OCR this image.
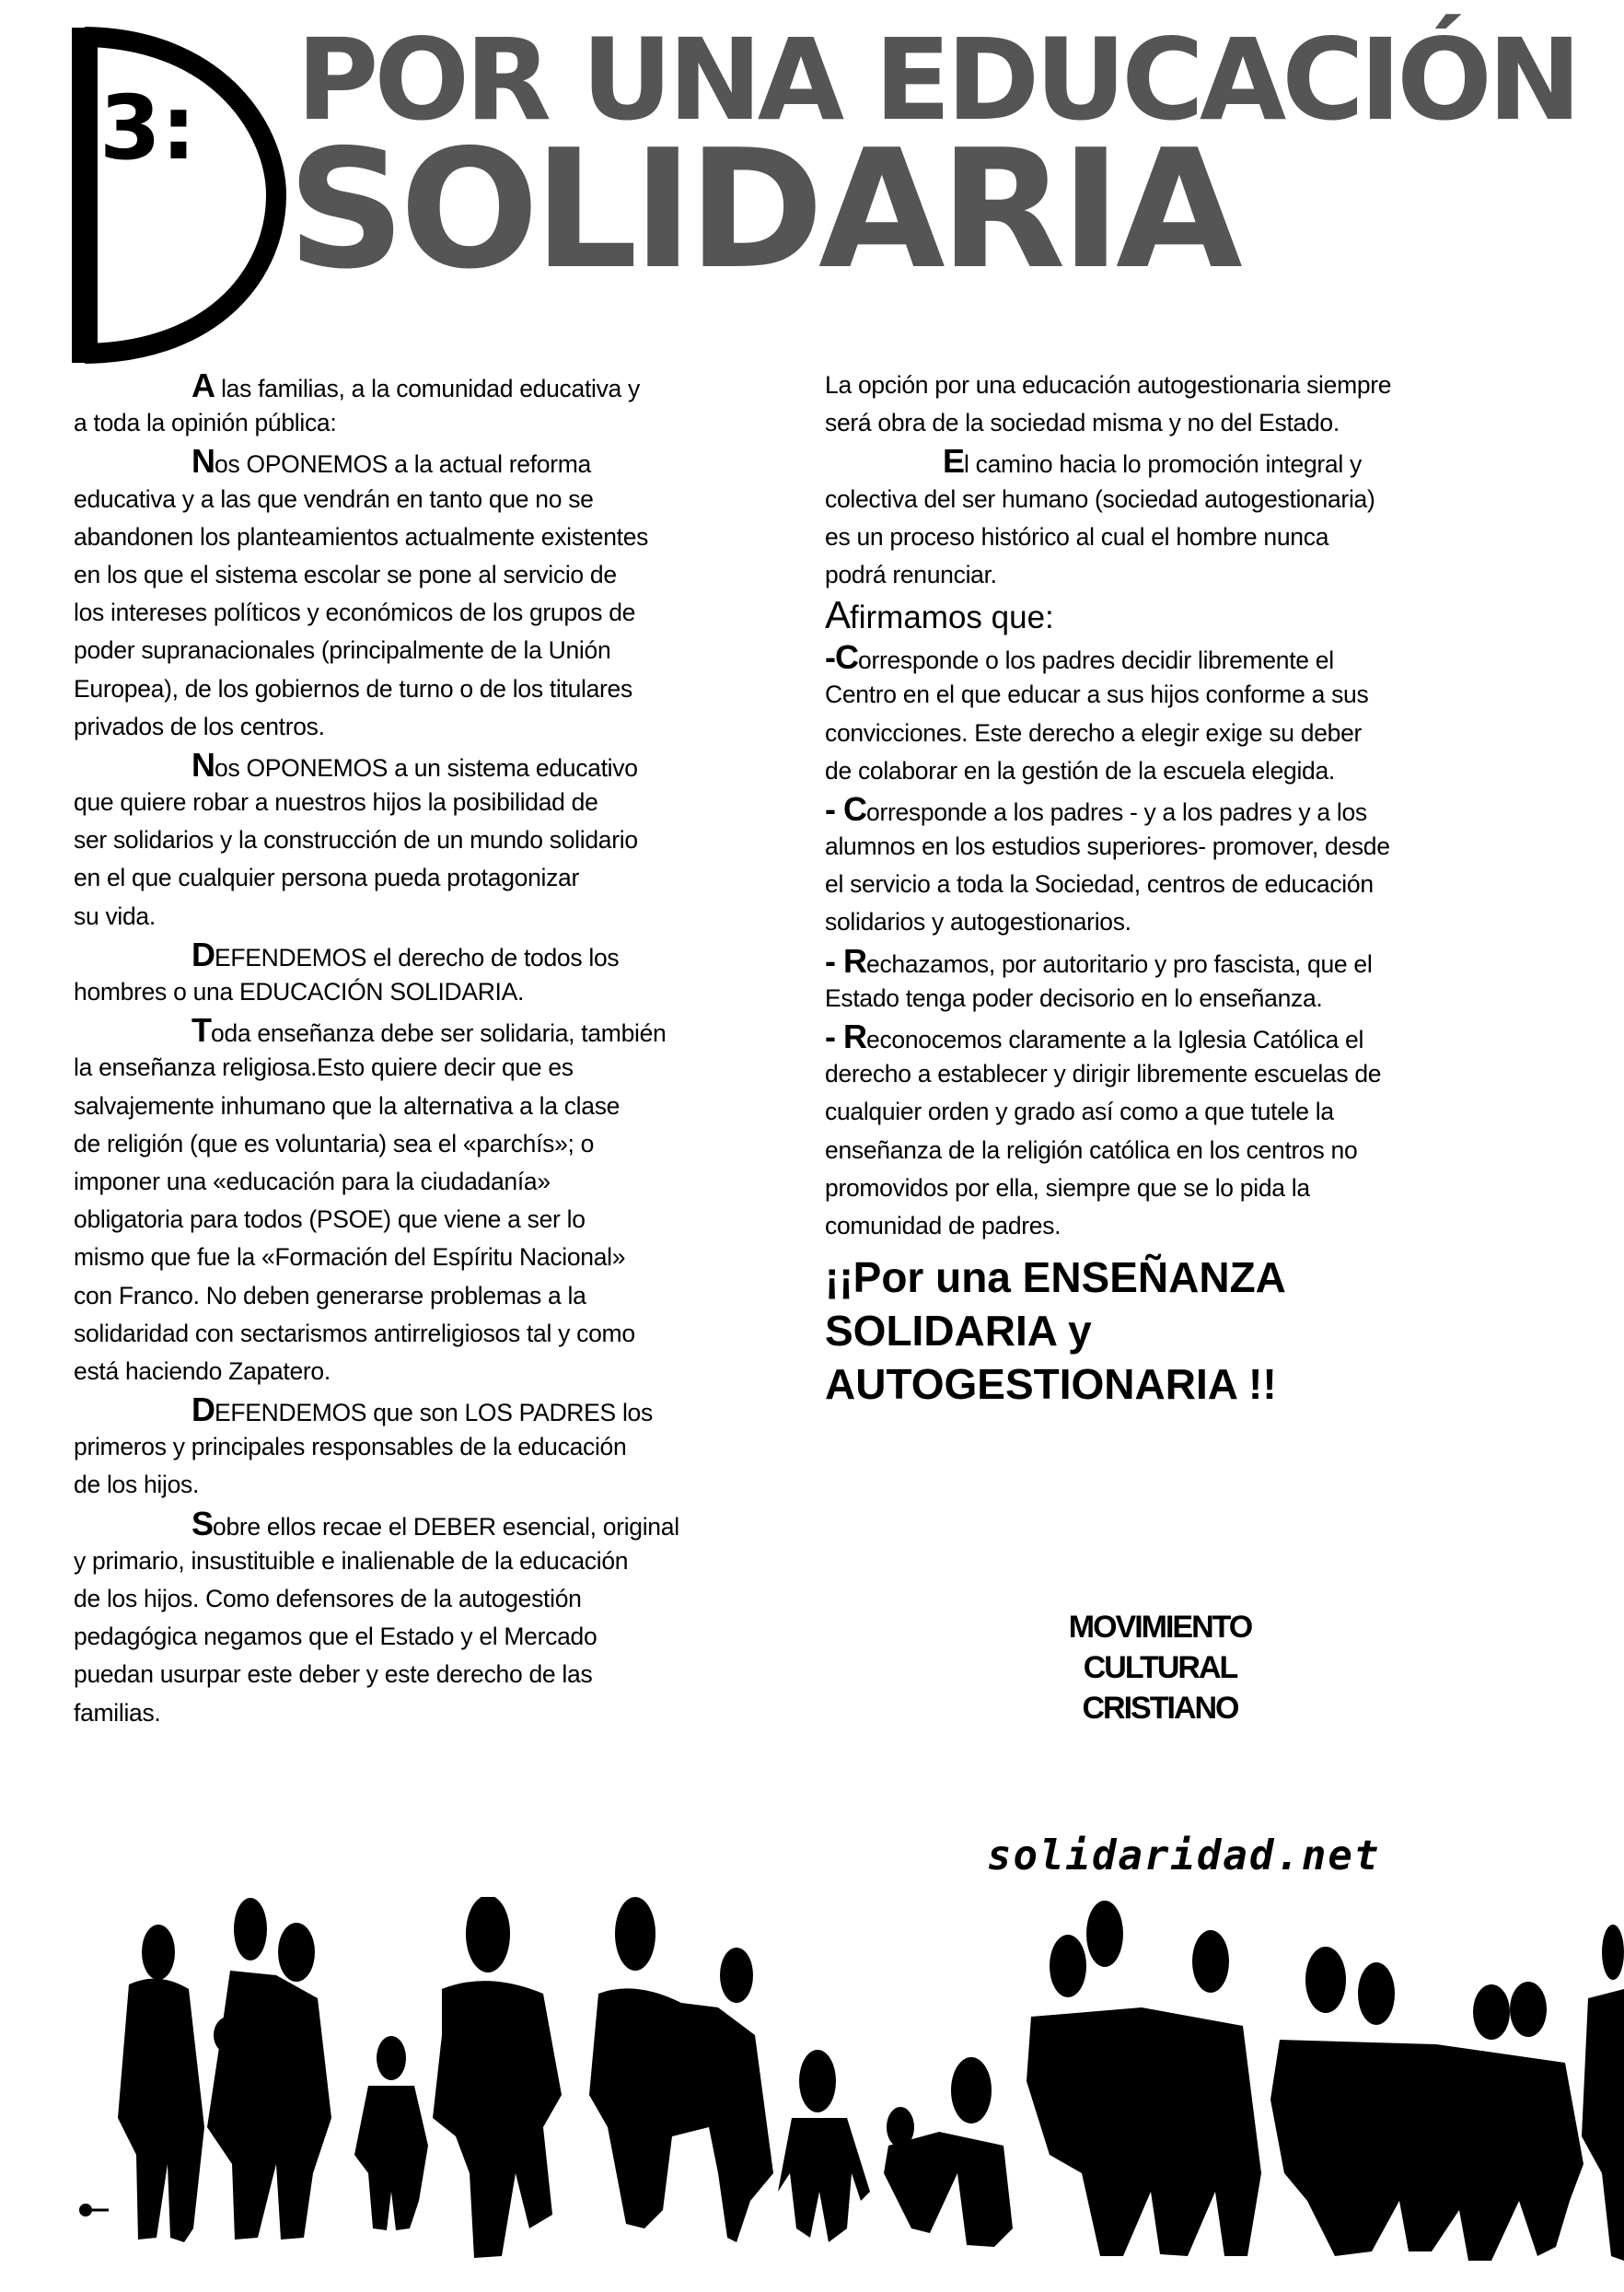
3: POR UNA EDUCACIÓN
SOLIDARIA
A las familias, a la comunidad educativa y
a toda la opinión pública:
Nos OPONEMOS a la actual reforma
educativa y a las que vendrán en tanto que no se
abandonen los planteamientos actualmente existentes
en los que el sistema escolar se pone al servicio de
los intereses políticos y económicos de los grupos de
poder supranacionales (principalmente de la Unión
Europea), de los gobiernos de turno o de los titulares
privados de los centros.
Nos OPONEMOS a un sistema educativo
que quiere robar a nuestros hijos la posibilidad de
ser solidarios y la construcción de un mundo solidario
en el que cualquier persona pueda protagonizar
su vida.
DEFENDEMOS el derecho de todos los
hombres o una EDUCACIÓN SOLIDARIA.
Toda enseñanza debe ser solidaria, también
la enseñanza religiosa.Esto quiere decir que es
salvajemente inhumano que la alternativa a la clase
de religión (que es voluntaria) sea el «parchís»; o
imponer una «educación para la ciudadanía»
obligatoria para todos (PSOE) que viene a ser lo
mismo que fue la «Formación del Espíritu Nacional»
con Franco. No deben generarse problemas a la
solidaridad con sectarismos antirreligiosos tal y como
está haciendo Zapatero.
DEFENDEMOS que son LOS PADRES los
primeros y principales responsables de la educación
de los hijos.
Sobre ellos recae el DEBER esencial, original
y primario, insustituible e inalienable de la educación
de los hijos. Como defensores de la autogestión
pedagógica negamos que el Estado y el Mercado
puedan usurpar este deber y este derecho de las
familias.
La opción por una educación autogestionaria siempre
será obra de la sociedad misma y no del Estado.
El camino hacia lo promoción integral y
colectiva del ser humano (sociedad autogestionaria)
es un proceso histórico al cual el hombre nunca
podrá renunciar.
Afirmamos que:
-Corresponde o los padres decidir libremente el
Centro en el que educar a sus hijos conforme a sus
convicciones. Este derecho a elegir exige su deber
de colaborar en la gestión de la escuela elegida.
- Corresponde a los padres - y a los padres y a los
alumnos en los estudios superiores- promover, desde
el servicio a toda la Sociedad, centros de educación
solidarios y autogestionarios.
- Rechazamos, por autoritario y pro fascista, que el
Estado tenga poder decisorio en lo enseñanza.
- Reconocemos claramente a la Iglesia Católica el
derecho a establecer y dirigir libremente escuelas de
cualquier orden y grado así como a que tutele la
enseñanza de la religión católica en los centros no
promovidos por ella, siempre que se lo pida la
comunidad de padres.
¡¡Por una ENSEÑANZA
SOLIDARIA y
AUTOGESTIONARIA !!
MOVIMIENTO
CULTURAL
CRISTIANO
solidaridad.net
